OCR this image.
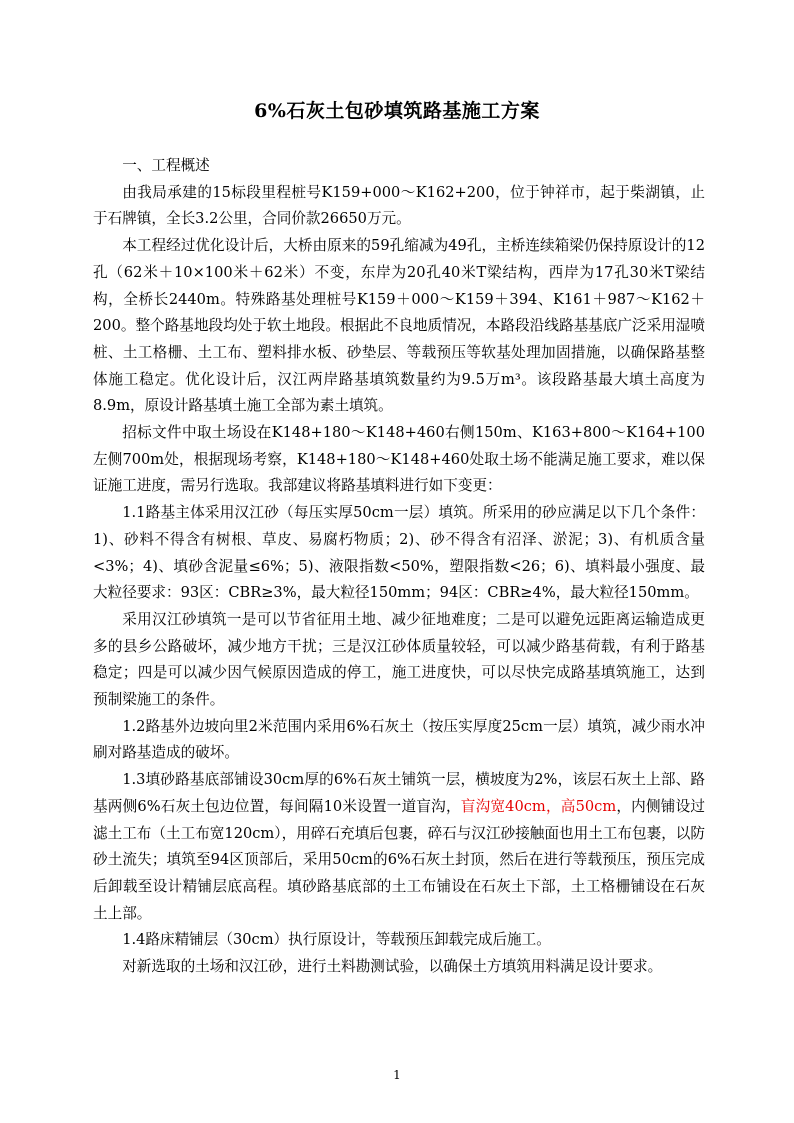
6%石灰土包砂填筑路基施工方案

一、工程概述

由我局承建的15标段里程桩号K159+000～K162+200，位于钟祥市，起于柴湖镇，止于石牌镇，全长3.2公里，合同价款26650万元。

本工程经过优化设计后，大桥由原来的59孔缩减为49孔，主桥连续箱梁仍保持原设计的12孔（62米＋10×100米＋62米）不变，东岸为20孔40米T梁结构，西岸为17孔30米T梁结构，全桥长2440m。特殊路基处理桩号K159＋000～K159＋394、K161＋987～K162＋200。整个路基地段均处于软土地段。根据此不良地质情况，本路段沿线路基基底广泛采用湿喷桩、土工格栅、土工布、塑料排水板、砂垫层、等载预压等软基处理加固措施，以确保路基整体施工稳定。优化设计后，汉江两岸路基填筑数量约为9.5万m³。该段路基最大填土高度为8.9m，原设计路基填土施工全部为素土填筑。

招标文件中取土场设在K148+180～K148+460右侧150m、K163+800～K164+100左侧700m处，根据现场考察，K148+180～K148+460处取土场不能满足施工要求，难以保证施工进度，需另行选取。我部建议将路基填料进行如下变更：

1.1路基主体采用汉江砂（每压实厚50cm一层）填筑。所采用的砂应满足以下几个条件：1)、砂料不得含有树根、草皮、易腐朽物质；2)、砂不得含有沼泽、淤泥；3)、有机质含量<3%；4)、填砂含泥量≤6%；5)、液限指数<50%，塑限指数<26；6)、填料最小强度、最大粒径要求：93区：CBR≥3%，最大粒径150mm；94区：CBR≥4%，最大粒径150mm。

采用汉江砂填筑一是可以节省征用土地、减少征地难度；二是可以避免远距离运输造成更多的县乡公路破坏，减少地方干扰；三是汉江砂体质量较轻，可以减少路基荷载，有利于路基稳定；四是可以减少因气候原因造成的停工，施工进度快，可以尽快完成路基填筑施工，达到预制梁施工的条件。

1.2路基外边坡向里2米范围内采用6%石灰土（按压实厚度25cm一层）填筑，减少雨水冲刷对路基造成的破坏。

1.3填砂路基底部铺设30cm厚的6%石灰土铺筑一层，横坡度为2%，该层石灰土上部、路基两侧6%石灰土包边位置，每间隔10米设置一道盲沟，盲沟宽40cm，高50cm，内侧铺设过滤土工布（土工布宽120cm），用碎石充填后包裹，碎石与汉江砂接触面也用土工布包裹，以防砂土流失；填筑至94区顶部后，采用50cm的6%石灰土封顶，然后在进行等载预压，预压完成后卸载至设计精铺层底高程。填砂路基底部的土工布铺设在石灰土下部，土工格栅铺设在石灰土上部。

1.4路床精铺层（30cm）执行原设计，等载预压卸载完成后施工。

对新选取的土场和汉江砂，进行土料勘测试验，以确保土方填筑用料满足设计要求。

1
